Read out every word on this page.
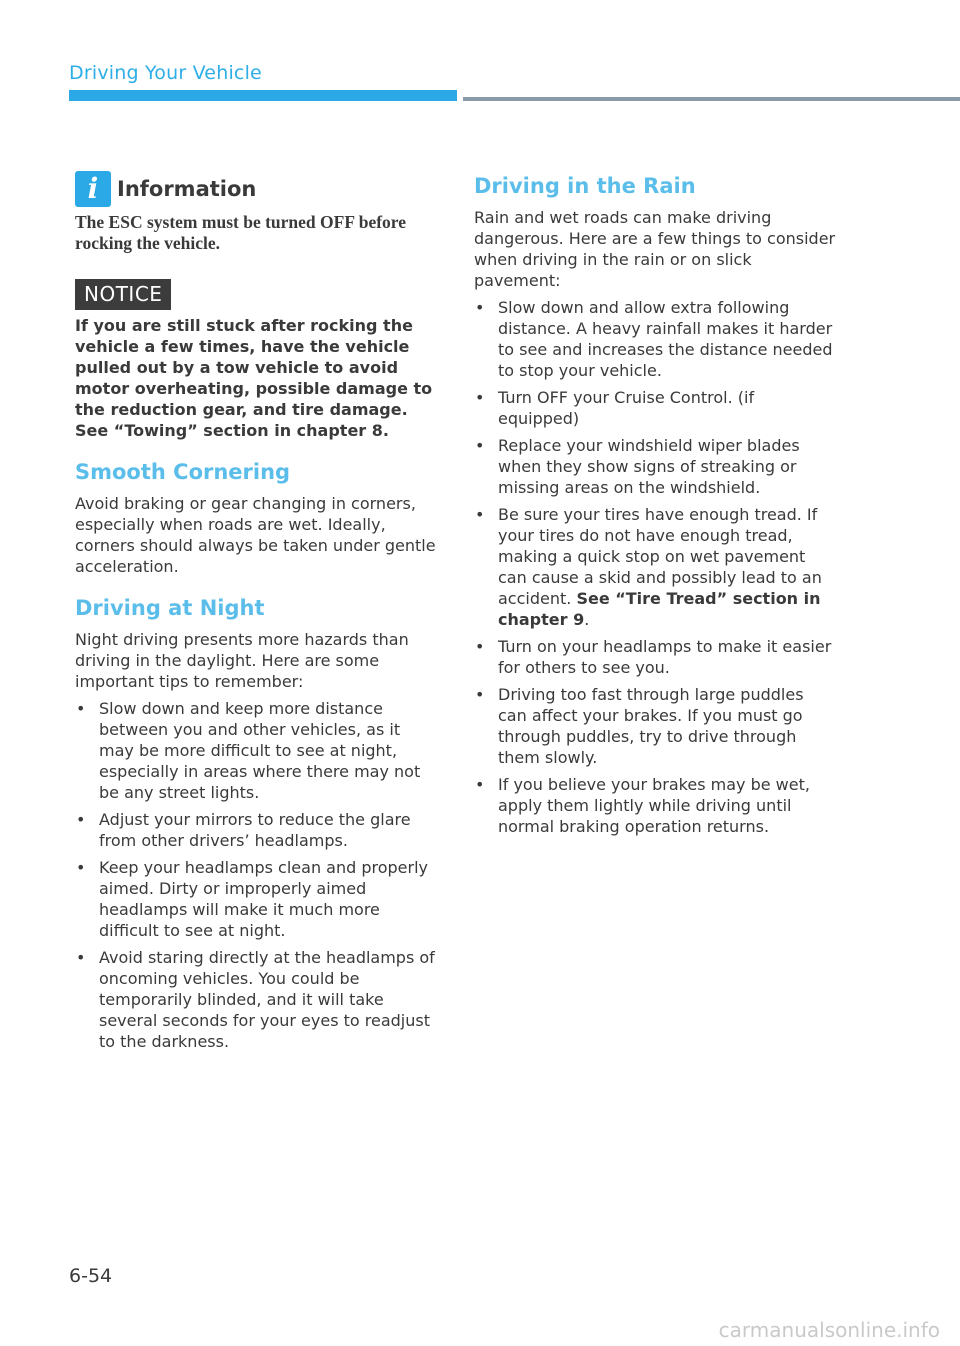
Driving Your Vehicle
i Information
The ESC system must be turned OFF before rocking the vehicle.
NOTICE
If you are still stuck after rocking the vehicle a few times, have the vehicle pulled out by a tow vehicle to avoid motor overheating, possible damage to the reduction gear, and tire damage. See “Towing” section in chapter 8.
Smooth Cornering
Avoid braking or gear changing in corners, especially when roads are wet. Ideally, corners should always be taken under gentle acceleration.
Driving at Night
Night driving presents more hazards than driving in the daylight. Here are some important tips to remember:
• Slow down and keep more distance between you and other vehicles, as it may be more difficult to see at night, especially in areas where there may not be any street lights.
• Adjust your mirrors to reduce the glare from other drivers’ headlamps.
• Keep your headlamps clean and properly aimed. Dirty or improperly aimed headlamps will make it much more difficult to see at night.
• Avoid staring directly at the headlamps of oncoming vehicles. You could be temporarily blinded, and it will take several seconds for your eyes to readjust to the darkness.
Driving in the Rain
Rain and wet roads can make driving dangerous. Here are a few things to consider when driving in the rain or on slick pavement:
• Slow down and allow extra following distance. A heavy rainfall makes it harder to see and increases the distance needed to stop your vehicle.
• Turn OFF your Cruise Control. (if equipped)
• Replace your windshield wiper blades when they show signs of streaking or missing areas on the windshield.
• Be sure your tires have enough tread. If your tires do not have enough tread, making a quick stop on wet pavement can cause a skid and possibly lead to an accident. See “Tire Tread” section in chapter 9.
• Turn on your headlamps to make it easier for others to see you.
• Driving too fast through large puddles can affect your brakes. If you must go through puddles, try to drive through them slowly.
• If you believe your brakes may be wet, apply them lightly while driving until normal braking operation returns.
6-54
carmanualsonline.info
